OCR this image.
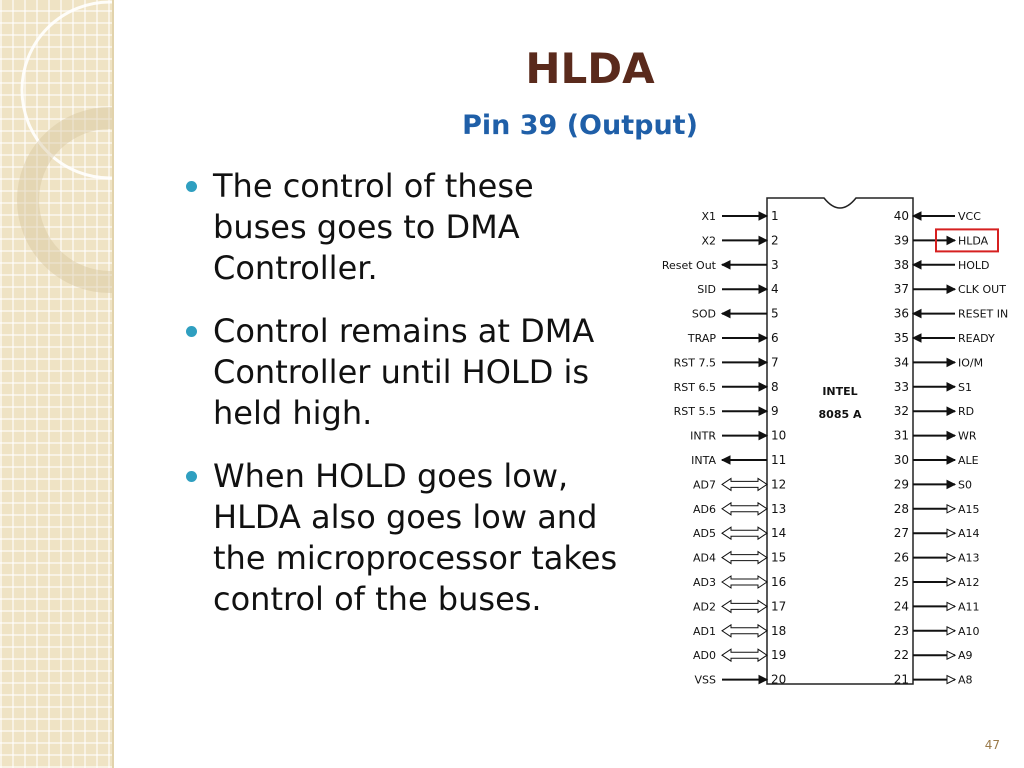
HLDA
Pin 39 (Output)
The control of these buses goes to DMA Controller.
Control remains at DMA Controller until HOLD is held high.
When HOLD goes low, HLDA also goes low and the microprocessor takes control of the buses.
INTEL
8085 A
X1	1
X2	2
Reset Out	3
SID	4
SOD	5
TRAP	6
RST 7.5	7
RST 6.5	8
RST 5.5	9
INTR	10
INTA	11
AD7	12
AD6	13
AD5	14
AD4	15
AD3	16
AD2	17
AD1	18
AD0	19
VSS	20
40	VCC
39	HLDA
38	HOLD
37	CLK OUT
36	RESET IN
35	READY
34	IO/M
33	S1
32	RD
31	WR
30	ALE
29	S0
28	A15
27	A14
26	A13
25	A12
24	A11
23	A10
22	A9
21	A8
47
